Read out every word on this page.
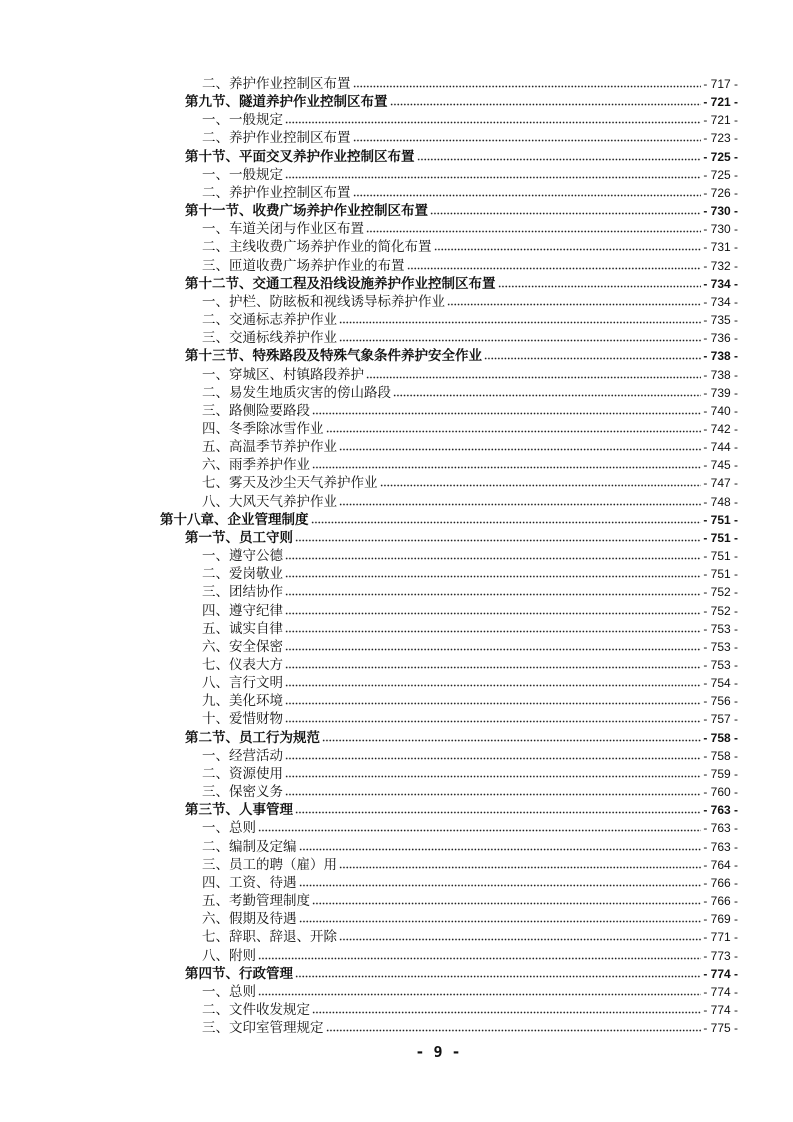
二、养护作业控制区布置	- 717 -
第九节、隧道养护作业控制区布置	- 721 -
一、一般规定	- 721 -
二、养护作业控制区布置	- 723 -
第十节、平面交叉养护作业控制区布置	- 725 -
一、一般规定	- 725 -
二、养护作业控制区布置	- 726 -
第十一节、收费广场养护作业控制区布置	- 730 -
一、车道关闭与作业区布置	- 730 -
二、主线收费广场养护作业的简化布置	- 731 -
三、匝道收费广场养护作业的布置	- 732 -
第十二节、交通工程及沿线设施养护作业控制区布置	- 734 -
一、护栏、防眩板和视线诱导标养护作业	- 734 -
二、交通标志养护作业	- 735 -
三、交通标线养护作业	- 736 -
第十三节、特殊路段及特殊气象条件养护安全作业	- 738 -
一、穿城区、村镇路段养护	- 738 -
二、易发生地质灾害的傍山路段	- 739 -
三、路侧险要路段	- 740 -
四、冬季除冰雪作业	- 742 -
五、高温季节养护作业	- 744 -
六、雨季养护作业	- 745 -
七、雾天及沙尘天气养护作业	- 747 -
八、大风天气养护作业	- 748 -
第十八章、企业管理制度	- 751 -
第一节、员工守则	- 751 -
一、遵守公德	- 751 -
二、爱岗敬业	- 751 -
三、团结协作	- 752 -
四、遵守纪律	- 752 -
五、诚实自律	- 753 -
六、安全保密	- 753 -
七、仪表大方	- 753 -
八、言行文明	- 754 -
九、美化环境	- 756 -
十、爱惜财物	- 757 -
第二节、员工行为规范	- 758 -
一、经营活动	- 758 -
二、资源使用	- 759 -
三、保密义务	- 760 -
第三节、人事管理	- 763 -
一、总则	- 763 -
二、编制及定编	- 763 -
三、员工的聘（雇）用	- 764 -
四、工资、待遇	- 766 -
五、考勤管理制度	- 766 -
六、假期及待遇	- 769 -
七、辞职、辞退、开除	- 771 -
八、附则	- 773 -
第四节、行政管理	- 774 -
一、总则	- 774 -
二、文件收发规定	- 774 -
三、文印室管理规定	- 775 -
- 9 -
